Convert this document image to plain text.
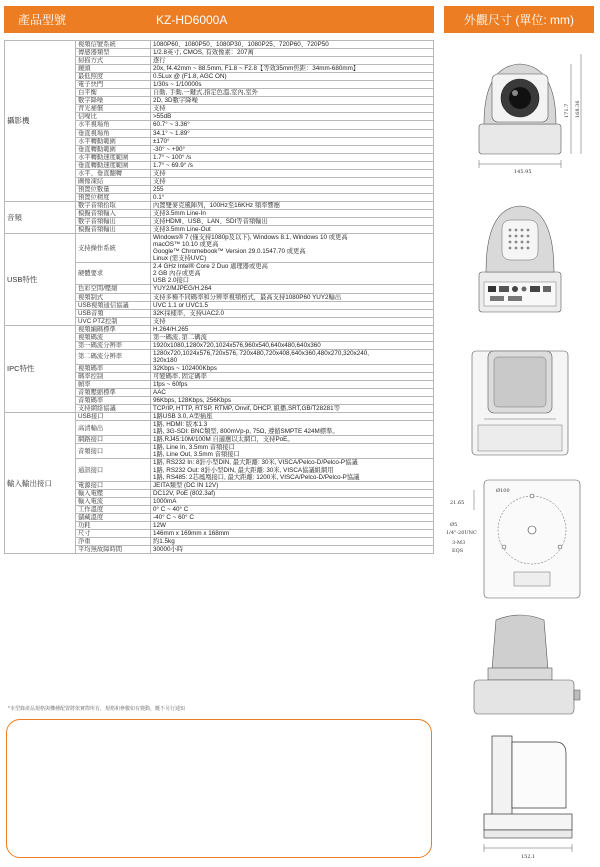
產品型號	KZ-HD6000A	外觀尺寸 (單位: mm)
攝影機	視頻信號系統	1080P60、1080P50、1080P30、1080P25、720P60、720P50
	傳感器類型	1/2.8英寸, CMOS, 有效像素：207萬
	掃描方式	逐行
	鏡頭	20x, f4.42mm ~ 88.5mm, F1.8 ~ F2.8【等效35mm焦距：34mm-680mm】
	最低照度	0.5Lux @ (F1.8, AGC ON)
	電子快門	1/30s ~ 1/10000s
	白平衡	自動, 手動,一鍵式,指定色溫,室內,室外
	數字降噪	2D, 3D數字降噪
	背光補償	支持
	信噪比	>55dB
	水平視場角	60.7° ~ 3.36°
	垂直視場角	34.1° ~ 1.89°
	水平轉動範圍	±170°
	垂直轉動範圍	-30° ~ +90°
	水平轉動速度範圍	1.7° ~ 100° /s
	垂直轉動速度範圍	1.7° ~ 69.9° /s
	水平、垂直翻轉	支持
	圖像凍結	支持
	預置位數量	255
	預置位精度	0.1°
音頻	數字音頻拾取	內置雙麥克風陣列，100Hz至16KHz 頻率響應
	模擬音頻輸入	支持3.5mm Line-In
	數字音頻輸出	支持HDMI、USB、LAN、SDI等音頻輸出
	模擬音頻輸出	支持3.5mm Line-Out
USB特性	支持操作系統	Windows® 7 (僅支持1080p及以下), Windows 8.1, Windows 10 或更高
macOS™ 10.10 或更高
Google™ Chromebook™ Version 29.0.1547.70 或更高
Linux (需支持UVC)
	硬體要求	2.4 GHz Intel® Core 2 Duo 處理器或更高
2 GB 內存或更高
USB 2.0接口
	色彩空間/壓縮	YUY2/MJPEG/H.264
	視頻制式	支持多種不同碼率和分辨率視頻格式，最高支持1080P60 YUY2輸出
	USB視頻通信協議	UVC 1.1 or UVC1.5
	USB音頻	32K採樣率，支持UAC2.0
	UVC PTZ控制	支持
IPC特性	視頻編碼標準	H.264/H.265
	視頻碼流	第一碼流, 第二碼流
	第一碼流分辨率	1920x1080,1280x720,1024x576,960x540,640x480,640x360
	第二碼流分辨率	1280x720,1024x576,720x576, 720x480,720x408,640x360,480x270,320x240,
320x180
	視頻碼率	32Kbps ~ 102400Kbps
	碼率控制	可變碼率, 固定碼率
	幀率	1fps ~ 60fps
	音頻壓縮標準	AAC
	音頻碼率	96Kbps, 128Kbps, 256Kbps
	支持網絡協議	TCP/IP, HTTP, RTSP, RTMP, Onvif, DHCP, 組播,SRT,GB/T28281等
輸入輸出接口	USB接口	1路USB 3.0, A型插座
	高清輸出	1路, HDMI: 版本1.3
1路, 3G-SDI: BNC類型, 800mVp-p, 75Ω, 遵循SMPTE 424M標準。
	網路接口	1路,RJ45:10M/100M 自適應以太網口，支持PoE。
	音頻接口	1路, Line In, 3.5mm 音頻接口
1路, Line Out, 3.5mm 音頻接口
	通訊接口	1路, RS232 In: 8針小型DIN, 最大距離: 30米, VISCA/Pelco-D/Pelco-P協議
1路, RS232 Out: 8針小型DIN, 最大距離: 30米, VISCA協議組網用
1路, RS485: 2芯鳳凰接口, 最大距離: 1200米, VISCA/Pelco-D/Pelco-P協議
	電源接口	JEITA類型 (DC IN 12V)
	輸入電壓	DC12V, PoE (802.3af)
	輸入電流	1000mA
	工作溫度	0° C ~ 40° C
	儲藏溫度	-40° C ~ 60° C
	功耗	12W
	尺寸	146mm x 169mm x 168mm
	淨重	約1.5kg
	平均無故障時間	30000小時
*本型錄產品規格與機種配置將依實際所有，規格和參數如有變動，概不另行通知
145.95
171.7 168.36
21.65
Ø100
Ø5
1/4"-20UNC
3-M3
EQS
152.1
